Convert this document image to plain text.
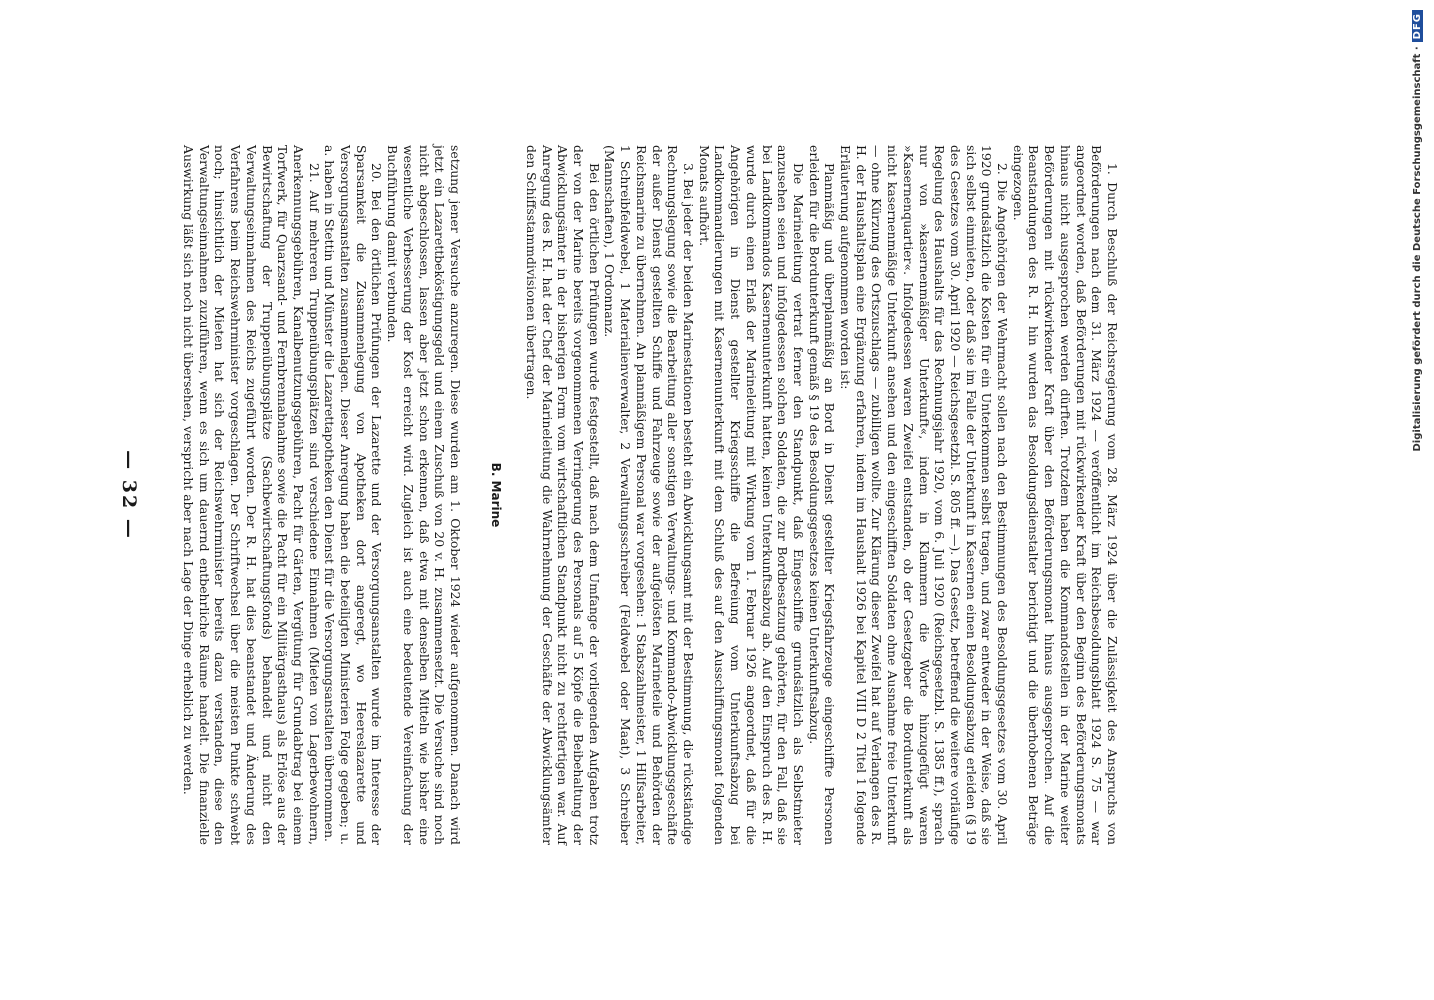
— 32 —	setzung jener Versuche anzuregen. Diese wurden am 1. Oktober 1924 wieder aufgenommen. Danach wird jetzt ein Lazarettbeköstigungsgeld und einem Zuschuß von 20 v. H. zusammensetzt. Die Versuche sind noch nicht abgeschlossen, lassen aber jetzt schon erkennen, daß etwa mit denselben Mitteln wie bisher eine wesentliche Verbesserung der Kost erreicht wird. Zugleich ist auch eine bedeutende Vereinfachung der Buchführung damit verbunden.

20. Bei den örtlichen Prüfungen der Lazarette und der Versorgungsanstalten wurde im Interesse der Sparsamkeit die Zusammenlegung von Apotheken dort angeregt, wo Heereslazarette und Versorgungsanstalten zusammenlagen. Dieser Anregung haben die beteiligten Ministerien Folge gegeben; u. a. haben in Stettin und Münster die Lazarettapotheken den Dienst für die Versorgungsanstalten übernommen.

21. Auf mehreren Truppenübungsplätzen sind verschiedene Einnahmen (Mieten von Lagerbewohnern, Anerkennungsgebühren, Kanalbenutzungsgebühren, Pacht für Gärten, Vergütung für Grundabtrag bei einem Torfwerk, für Quarzsand- und Fernbrennabnahme sowie die Pacht für ein Militärgasthaus) als Erlöse aus der Bewirtschaftung der Truppenübungsplätze (Sachbewirtschaftungsfonds) behandelt und nicht den Verwaltungseinnahmen des Reichs zugeführt worden. Der R. H. hat dies beanstandet und Änderung des Verfahrens beim Reichswehrminister vorgeschlagen. Der Schriftwechsel über die meisten Punkte schwebt noch; hinsichtlich der Mieten hat sich der Reichswehrminister bereits dazu verstanden, diese den Verwaltungseinnahmen zuzuführen, wenn es sich um dauernd entbehrliche Räume handelt. Die finanzielle Auswirkung läßt sich noch nicht übersehen, verspricht aber nach Lage der Dinge erheblich zu werden.	B. Marine	1. Durch Beschluß der Reichsregierung vom 28. März 1924 über die Zulässigkeit des Anspruchs von Beförderungen nach dem 31. März 1924 — veröffentlicht im Reichsbesoldungsblatt 1924 S. 75 — war angeordnet worden, daß Beförderungen mit rückwirkender Kraft über den Beginn des Beförderungsmonats hinaus nicht ausgesprochen werden dürften. Trotzdem haben die Kommandostellen in der Marine weiter Beförderungen mit rückwirkender Kraft über den Beförderungsmonat hinaus ausgesprochen. Auf die Beanstandungen des R. H. hin wurden das Besoldungsdienstalter berichtigt und die überhobenen Beträge eingezogen.

2. Die Angehörigen der Wehrmacht sollen nach den Bestimmungen des Besoldungsgesetzes vom 30. April 1920 grundsätzlich die Kosten für ein Unterkommen selbst tragen, und zwar entweder in der Weise, daß sie sich selbst einmieten, oder daß sie im Falle der Unterkunft in Kasernen einen Besoldungsabzug erleiden (§ 19 des Gesetzes vom 30. April 1920 — Reichsgesetzbl. S. 805 ff. —). Das Gesetz, betreffend die weitere vorläufige Regelung des Haushalts für das Rechnungsjahr 1920, vom 6. Juli 1920 (Reichsgesetzbl. S. 1385 ff.), sprach nur von »kasernenmäßiger Unterkunft«, indem in Klammern die Worte hinzugefügt waren »Kasernenquartier«. Infolgedessen waren Zweifel entstanden, ob der Gesetzgeber die Bordunterkunft als nicht kasernenmäßige Unterkunft ansehen und den eingeschifften Soldaten ohne Ausnahme freie Unterkunft — ohne Kürzung des Ortszuschlags — zubilligen wollte. Zur Klärung dieser Zweifel hat auf Verlangen des R. H. der Haushaltsplan eine Ergänzung erfahren, indem im Haushalt 1926 bei Kapitel VIII D 2 Titel 1 folgende Erläuterung aufgenommen worden ist:

Planmäßig und überplanmäßig an Bord in Dienst gestellter Kriegsfahrzeuge eingeschiffte Personen erleiden für die Bordunterkunft gemäß § 19 des Besoldungsgesetzes keinen Unterkunftsabzug.

Die Marineleitung vertrat ferner den Standpunkt, daß Eingeschiffte grundsätzlich als Selbstmieter anzusehen seien und infolgedessen solchen Soldaten, die zur Bordbesatzung gehörten, für den Fall, daß sie bei Landkommandos Kasernenunterkunft hatten, keinen Unterkunftsabzug ab. Auf den Einspruch des R. H. wurde durch einen Erlaß der Marineleitung mit Wirkung vom 1. Februar 1926 angeordnet, daß für die Angehörigen in Dienst gestellter Kriegsschiffe die Befreiung vom Unterkunftsabzug bei Landkommandierungen mit Kasernenunterkunft mit dem Schluß des auf den Ausschiffungsmonat folgenden Monats aufhört.

3. Bei jeder der beiden Marinestationen besteht ein Abwicklungsamt mit der Bestimmung, die rückständige Rechnungslegung sowie die Bearbeitung aller sonstigen Verwaltungs- und Kommando-Abwicklungsgeschäfte der außer Dienst gestellten Schiffe und Fahrzeuge sowie der aufgelösten Marineteile und Behörden der Reichsmarine zu übernehmen. An planmäßigem Personal war vorgesehen: 1 Stabszahlmeister, 1 Hilfsarbeiter, 1 Schreibfeldwebel, 1 Materialienverwalter, 2 Verwaltungsschreiber (Feldwebel oder Maat), 3 Schreiber (Mannschaften), 1 Ordonnanz.

Bei den örtlichen Prüfungen wurde festgestellt, daß nach dem Umfange der vorliegenden Aufgaben trotz der von der Marine bereits vorgenommenen Verringerung des Personals auf 5 Köpfe die Beibehaltung der Abwicklungsämter in der bisherigen Form vom wirtschaftlichen Standpunkt nicht zu rechtfertigen war. Auf Anregung des R. H. hat der Chef der Marineleitung die Wahrnehmung der Geschäfte der Abwicklungsämter den Schiffsstammdivisionen übertragen.	Digitalisierung gefördert durch die Deutsche Forschungsgemeinschaft ·DFG
